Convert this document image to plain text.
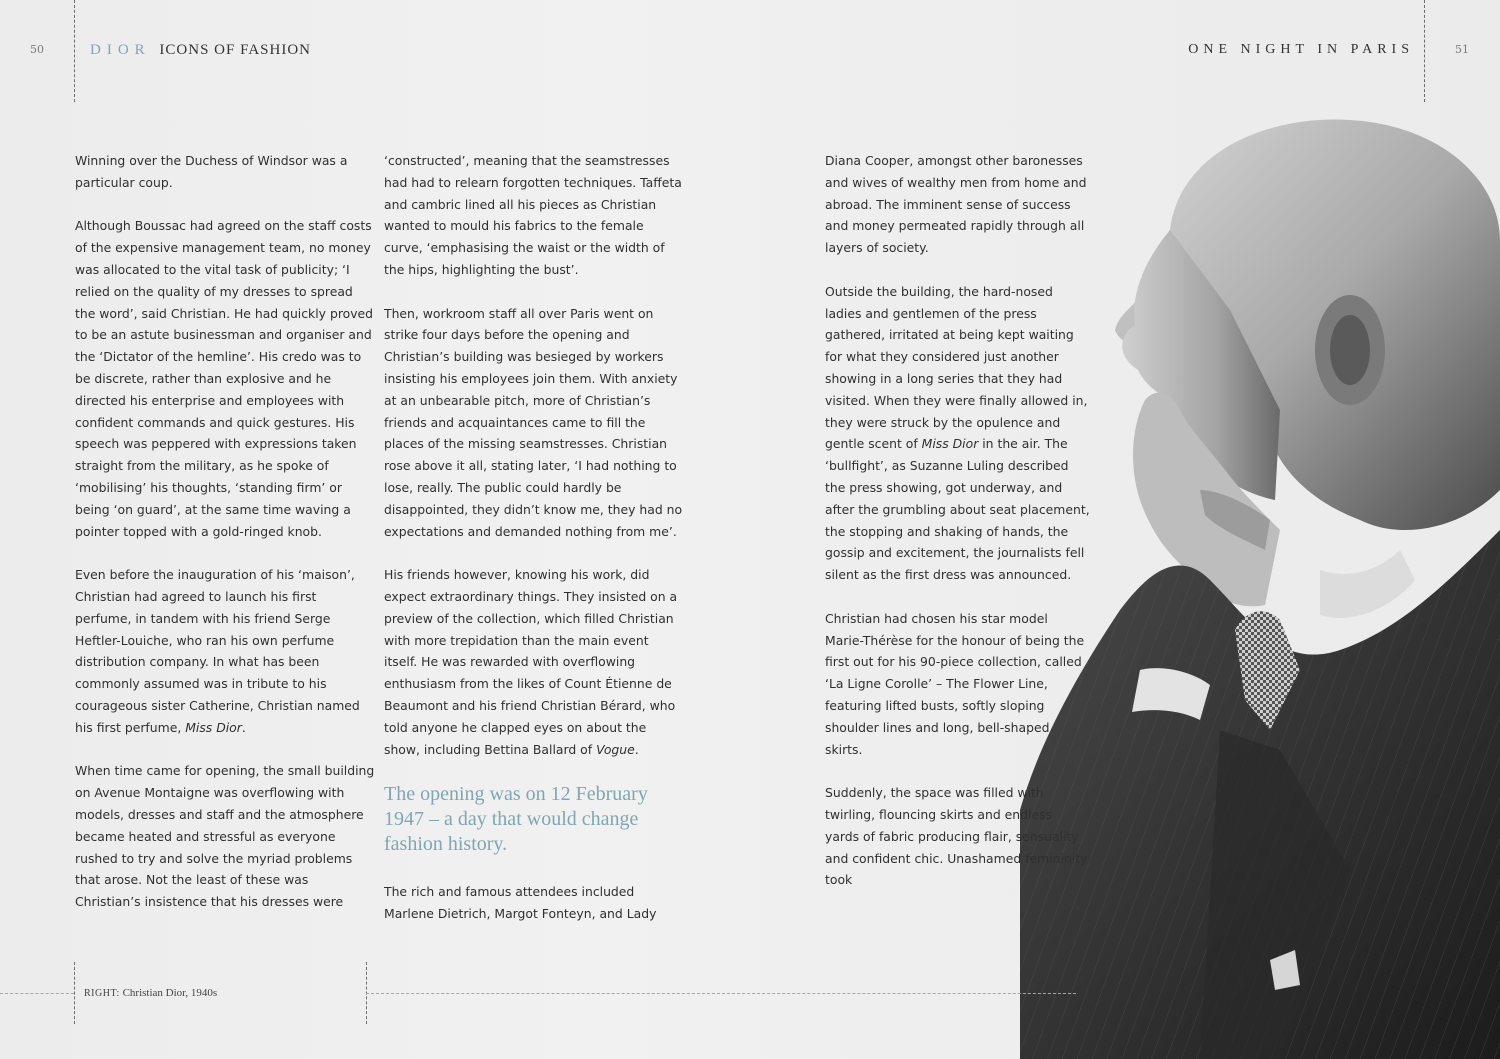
50	DIOR ICONS OF FASHION	ONE NIGHT IN PARIS	51

Winning over the Duchess of Windsor was a particular coup.

Although Boussac had agreed on the staff costs of the expensive management team, no money was allocated to the vital task of publicity; ‘I relied on the quality of my dresses to spread the word’, said Christian. He had quickly proved to be an astute businessman and organiser and the ‘Dictator of the hemline’. His credo was to be discrete, rather than explosive and he directed his enterprise and employees with confident commands and quick gestures. His speech was peppered with expressions taken straight from the military, as he spoke of ‘mobilising’ his thoughts, ‘standing firm’ or being ‘on guard’, at the same time waving a pointer topped with a gold-ringed knob.

Even before the inauguration of his ‘maison’, Christian had agreed to launch his first perfume, in tandem with his friend Serge Heftler-Louiche, who ran his own perfume distribution company. In what has been commonly assumed was in tribute to his courageous sister Catherine, Christian named his first perfume, Miss Dior.

When time came for opening, the small building on Avenue Montaigne was overflowing with models, dresses and staff and the atmosphere became heated and stressful as everyone rushed to try and solve the myriad problems that arose. Not the least of these was Christian’s insistence that his dresses were

‘constructed’, meaning that the seamstresses had had to relearn forgotten techniques. Taffeta and cambric lined all his pieces as Christian wanted to mould his fabrics to the female curve, ‘emphasising the waist or the width of the hips, highlighting the bust’.

Then, workroom staff all over Paris went on strike four days before the opening and Christian’s building was besieged by workers insisting his employees join them. With anxiety at an unbearable pitch, more of Christian’s friends and acquaintances came to fill the places of the missing seamstresses. Christian rose above it all, stating later, ‘I had nothing to lose, really. The public could hardly be disappointed, they didn’t know me, they had no expectations and demanded nothing from me’.

His friends however, knowing his work, did expect extraordinary things. They insisted on a preview of the collection, which filled Christian with more trepidation than the main event itself. He was rewarded with overflowing enthusiasm from the likes of Count Étienne de Beaumont and his friend Christian Bérard, who told anyone he clapped eyes on about the show, including Bettina Ballard of Vogue.

The opening was on 12 February 1947 – a day that would change fashion history.

The rich and famous attendees included Marlene Dietrich, Margot Fonteyn, and Lady

Diana Cooper, amongst other baronesses and wives of wealthy men from home and abroad. The imminent sense of success and money permeated rapidly through all layers of society.

Outside the building, the hard-nosed ladies and gentlemen of the press gathered, irritated at being kept waiting for what they considered just another showing in a long series that they had visited. When they were finally allowed in, they were struck by the opulence and gentle scent of Miss Dior in the air. The ‘bullfight’, as Suzanne Luling described the press showing, got underway, and after the grumbling about seat placement, the stopping and shaking of hands, the gossip and excitement, the journalists fell silent as the first dress was announced.

Christian had chosen his star model Marie-Thérèse for the honour of being the first out for his 90-piece collection, called ‘La Ligne Corolle’ – The Flower Line, featuring lifted busts, softly sloping shoulder lines and long, bell-shaped skirts.

Suddenly, the space was filled with twirling, flouncing skirts and endless yards of fabric producing flair, sensuality and confident chic. Unashamed femininity took

RIGHT: Christian Dior, 1940s
